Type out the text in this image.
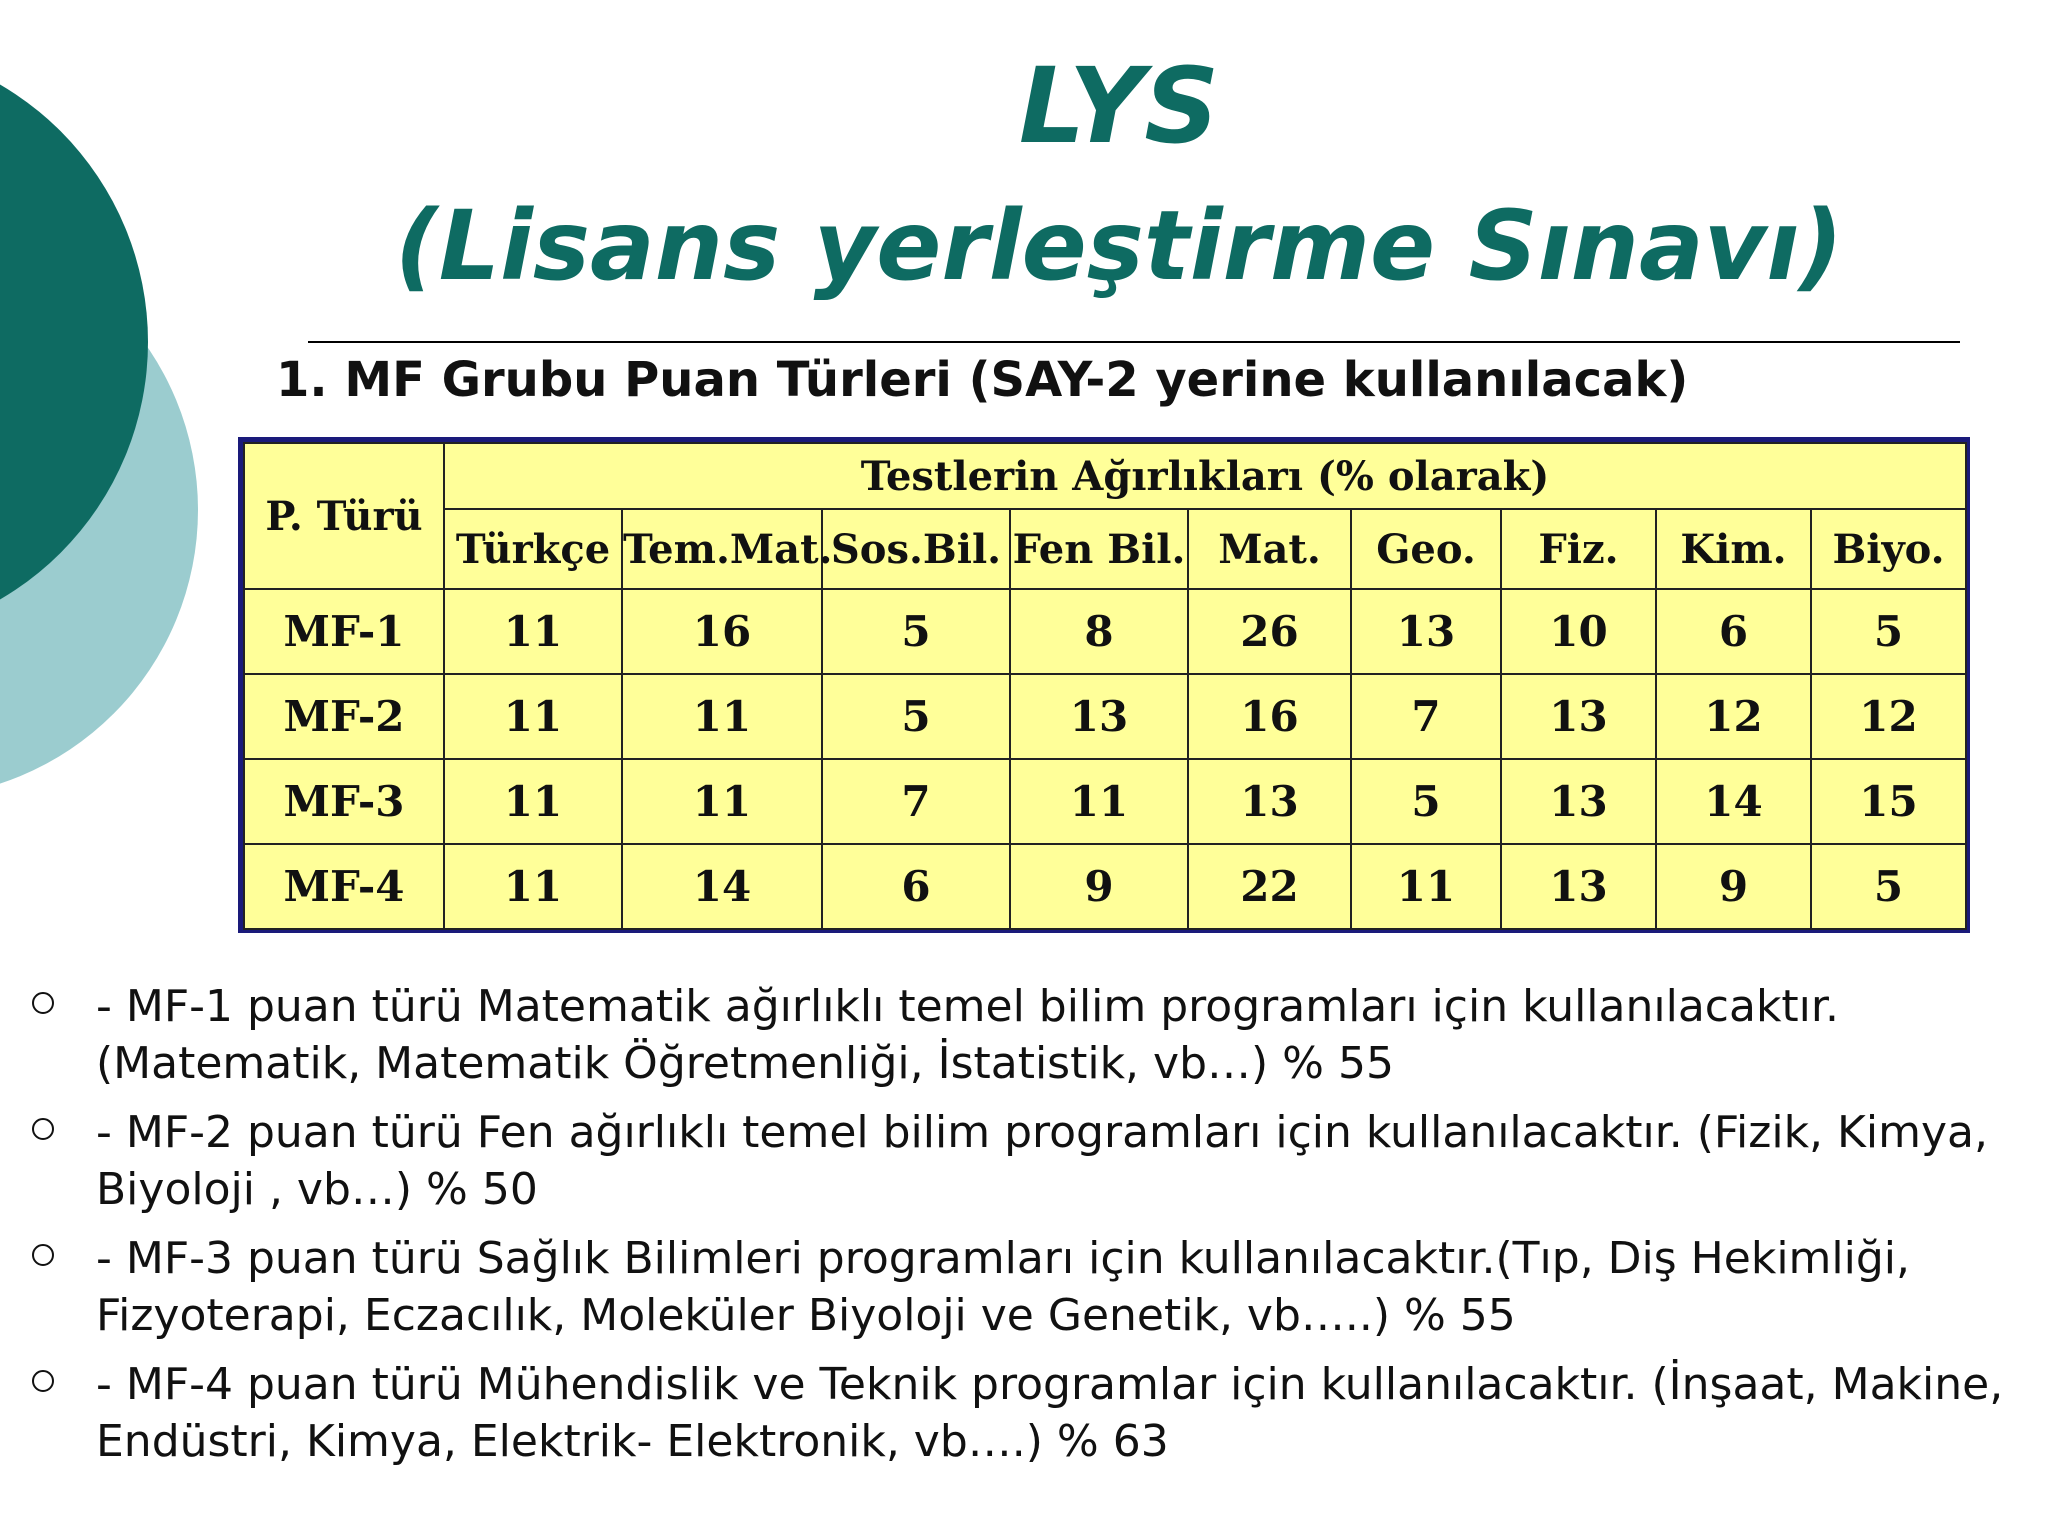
LYS
(Lisans yerleştirme Sınavı)
1. MF Grubu Puan Türleri (SAY-2 yerine kullanılacak)
P. Türü	Testlerin Ağırlıkları (% olarak)								
	Türkçe	Tem.Mat.	Sos.Bil.	Fen Bil.	Mat.	Geo.	Fiz.	Kim.	Biyo.
MF-1	11	16	5	8	26	13	10	6	5
MF-2	11	11	5	13	16	7	13	12	12
MF-3	11	11	7	11	13	5	13	14	15
MF-4	11	14	6	9	22	11	13	9	5
- MF-1 puan türü Matematik ağırlıklı temel bilim programları için kullanılacaktır. (Matematik, Matematik Öğretmenliği, İstatistik, vb…) % 55
- MF-2 puan türü Fen ağırlıklı temel bilim programları için kullanılacaktır. (Fizik, Kimya, Biyoloji , vb…) % 50
- MF-3 puan türü Sağlık Bilimleri programları için kullanılacaktır.(Tıp, Diş Hekimliği, Fizyoterapi, Eczacılık, Moleküler Biyoloji ve Genetik, vb…..) % 55
- MF-4 puan türü Mühendislik ve Teknik programlar için kullanılacaktır. (İnşaat, Makine, Endüstri, Kimya, Elektrik- Elektronik, vb….) % 63
